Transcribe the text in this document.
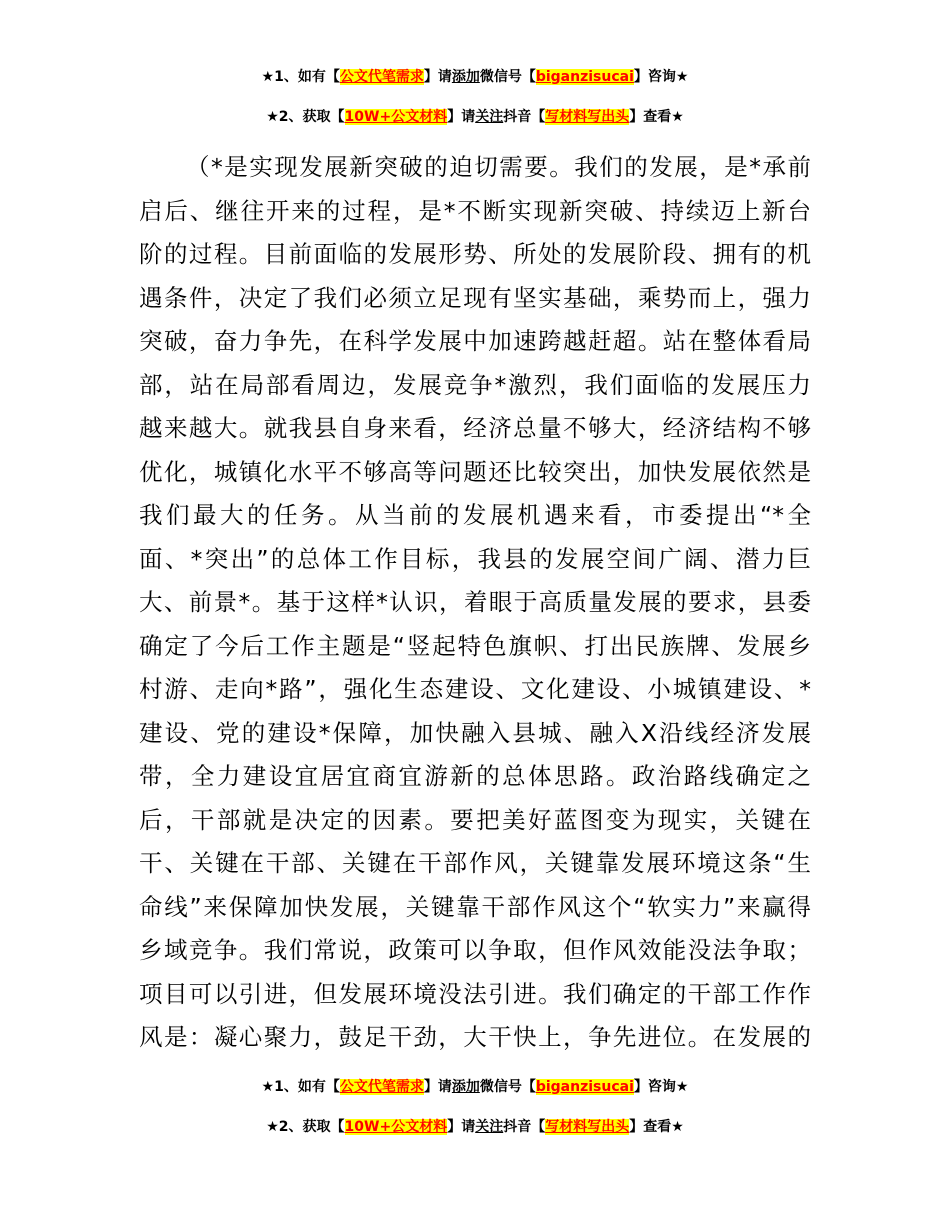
★1、如有【公文代笔需求】请添加微信号【biganzisucai】咨询★
★2、获取【10W+公文材料】请关注抖音【写材料写出头】查看★
（*是实现发展新突破的迫切需要。我们的发展，是*承前
启后、继往开来的过程，是*不断实现新突破、持续迈上新台
阶的过程。目前面临的发展形势、所处的发展阶段、拥有的机
遇条件，决定了我们必须立足现有坚实基础，乘势而上，强力
突破，奋力争先，在科学发展中加速跨越赶超。站在整体看局
部，站在局部看周边，发展竞争*激烈，我们面临的发展压力
越来越大。就我县自身来看，经济总量不够大，经济结构不够
优化，城镇化水平不够高等问题还比较突出，加快发展依然是
我们最大的任务。从当前的发展机遇来看，市委提出“*全
面、*突出”的总体工作目标，我县的发展空间广阔、潜力巨
大、前景*。基于这样*认识，着眼于高质量发展的要求，县委
确定了今后工作主题是“竖起特色旗帜、打出民族牌、发展乡
村游、走向*路”，强化生态建设、文化建设、小城镇建设、*
建设、党的建设*保障，加快融入县城、融入X沿线经济发展
带，全力建设宜居宜商宜游新的总体思路。政治路线确定之
后，干部就是决定的因素。要把美好蓝图变为现实，关键在
干、关键在干部、关键在干部作风，关键靠发展环境这条“生
命线”来保障加快发展，关键靠干部作风这个“软实力”来赢得
乡域竞争。我们常说，政策可以争取，但作风效能没法争取；
项目可以引进，但发展环境没法引进。我们确定的干部工作作
风是：凝心聚力，鼓足干劲，大干快上，争先进位。在发展的
★1、如有【公文代笔需求】请添加微信号【biganzisucai】咨询★
★2、获取【10W+公文材料】请关注抖音【写材料写出头】查看★
